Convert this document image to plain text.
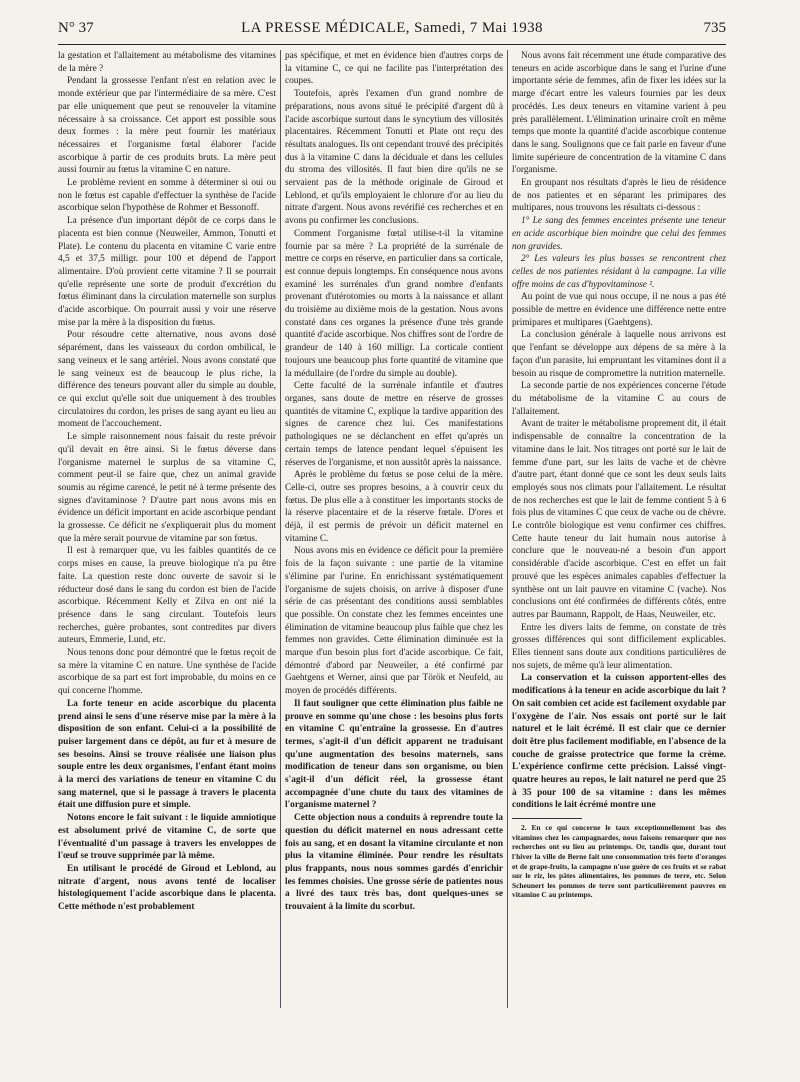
N° 37	LA PRESSE MÉDICALE, Samedi, 7 Mai 1938	735

la gestation et l'allaitement au métabolisme des vitamines de la mère ?

Pendant la grossesse l'enfant n'est en relation avec le monde extérieur que par l'intermédiaire de sa mère. C'est par elle uniquement que peut se renouveler la vitamine nécessaire à sa croissance. Cet apport est possible sous deux formes : la mère peut fournir les matériaux nécessaires et l'organisme fœtal élaborer l'acide ascorbique à partir de ces produits bruts. La mère peut aussi fournir au fœtus la vitamine C en nature.

Le problème revient en somme à déterminer si oui ou non le fœtus est capable d'effectuer la synthèse de l'acide ascorbique selon l'hypothèse de Rohmer et Bessonoff.

La présence d'un important dépôt de ce corps dans le placenta est bien connue (Neuweiler, Ammon, Tonutti et Plate). Le contenu du placenta en vitamine C varie entre 4,5 et 37,5 milligr. pour 100 et dépend de l'apport alimentaire. D'où provient cette vitamine ? Il se pourrait qu'elle représente une sorte de produit d'excrétion du fœtus éliminant dans la circulation maternelle son surplus d'acide ascorbique. On pourrait aussi y voir une réserve mise par la mère à la disposition du fœtus.

Pour résoudre cette alternative, nous avons dosé séparément, dans les vaisseaux du cordon ombilical, le sang veineux et le sang artériel. Nous avons constaté que le sang veineux est de beaucoup le plus riche, la différence des teneurs pouvant aller du simple au double, ce qui exclut qu'elle soit due uniquement à des troubles circulatoires du cordon, les prises de sang ayant eu lieu au moment de l'accouchement.

Le simple raisonnement nous faisait du reste prévoir qu'il devait en être ainsi. Si le fœtus déverse dans l'organisme maternel le surplus de sa vitamine C, comment peut-il se faire que, chez un animal gravide soumis au régime carencé, le petit né à terme présente des signes d'avitaminose ? D'autre part nous avons mis en évidence un déficit important en acide ascorbique pendant la grossesse. Ce déficit ne s'expliquerait plus du moment que la mère serait pourvue de vitamine par son fœtus.

Il est à remarquer que, vu les faibles quantités de ce corps mises en cause, la preuve biologique n'a pu être faite. La question reste donc ouverte de savoir si le réducteur dosé dans le sang du cordon est bien de l'acide ascorbique. Récemment Kelly et Zilva en ont nié la présence dans le sang circulant. Toutefois leurs recherches, guère probantes, sont contredites par divers auteurs, Emmerie, Lund, etc.

Nous tenons donc pour démontré que le fœtus reçoit de sa mère la vitamine C en nature. Une synthèse de l'acide ascorbique de sa part est fort improbable, du moins en ce qui concerne l'homme.

La forte teneur en acide ascorbique du placenta prend ainsi le sens d'une réserve mise par la mère à la disposition de son enfant. Celui-ci a la possibilité de puiser largement dans ce dépôt, au fur et à mesure de ses besoins. Ainsi se trouve réalisée une liaison plus souple entre les deux organismes, l'enfant étant moins à la merci des variations de teneur en vitamine C du sang maternel, que si le passage à travers le placenta était une diffusion pure et simple.

Notons encore le fait suivant : le liquide amniotique est absolument privé de vitamine C, de sorte que l'éventualité d'un passage à travers les enveloppes de l'œuf se trouve supprimée par là même.

En utilisant le procédé de Giroud et Leblond, au nitrate d'argent, nous avons tenté de localiser histologiquement l'acide ascorbique dans le placenta. Cette méthode n'est probablement

pas spécifique, et met en évidence bien d'autres corps de la vitamine C, ce qui ne facilite pas l'interprétation des coupes.

Toutefois, après l'examen d'un grand nombre de préparations, nous avons situé le précipité d'argent dû à l'acide ascorbique surtout dans le syncytium des villosités placentaires. Récemment Tonutti et Plate ont reçu des résultats analogues. Ils ont cependant trouvé des précipités dus à la vitamine C dans la déciduale et dans les cellules du stroma des villosités. Il faut bien dire qu'ils ne se servaient pas de la méthode originale de Giroud et Leblond, et qu'ils employaient le chlorure d'or au lieu du nitrate d'argent. Nous avons revérifié ces recherches et en avons pu confirmer les conclusions.

Comment l'organisme fœtal utilise-t-il la vitamine fournie par sa mère ? La propriété de la surrénale de mettre ce corps en réserve, en particulier dans sa corticale, est connue depuis longtemps. En conséquence nous avons examiné les surrénales d'un grand nombre d'enfants provenant d'utérotomies ou morts à la naissance et allant du troisième au dixième mois de la gestation. Nous avons constaté dans ces organes la présence d'une très grande quantité d'acide ascorbique. Nos chiffres sont de l'ordre de grandeur de 140 à 160 milligr. La corticale contient toujours une beaucoup plus forte quantité de vitamine que la médullaire (de l'ordre du simple au double).

Cette faculté de la surrénale infantile et d'autres organes, sans doute de mettre en réserve de grosses quantités de vitamine C, explique la tardive apparition des signes de carence chez lui. Ces manifestations pathologiques ne se déclanchent en effet qu'après un certain temps de latence pendant lequel s'épuisent les réserves de l'organisme, et non aussitôt après la naissance.

Après le problème du fœtus se pose celui de la mère. Celle-ci, outre ses propres besoins, a à couvrir ceux du fœtus. De plus elle a à constituer les importants stocks de la réserve placentaire et de la réserve fœtale. D'ores et déjà, il est permis de prévoir un déficit maternel en vitamine C.

Nous avons mis en évidence ce déficit pour la première fois de la façon suivante : une partie de la vitamine s'élimine par l'urine. En enrichissant systématiquement l'organisme de sujets choisis, on arrive à disposer d'une série de cas présentant des conditions aussi semblables que possible. On constate chez les femmes enceintes une élimination de vitamine beaucoup plus faible que chez les femmes non gravides. Cette élimination diminuée est la marque d'un besoin plus fort d'acide ascorbique. Ce fait, démontré d'abord par Neuweiler, a été confirmé par Gaehtgens et Werner, ainsi que par Török et Neufeld, au moyen de procédés différents.

Il faut souligner que cette élimination plus faible ne prouve en somme qu'une chose : les besoins plus forts en vitamine C qu'entraîne la grossesse. En d'autres termes, s'agit-il d'un déficit apparent ne traduisant qu'une augmentation des besoins maternels, sans modification de teneur dans son organisme, ou bien s'agit-il d'un déficit réel, la grossesse étant accompagnée d'une chute du taux des vitamines de l'organisme maternel ?

Cette objection nous a conduits à reprendre toute la question du déficit maternel en nous adressant cette fois au sang, et en dosant la vitamine circulante et non plus la vitamine éliminée. Pour rendre les résultats plus frappants, nous nous sommes gardés d'enrichir les femmes choisies. Une grosse série de patientes nous a livré des taux très bas, dont quelques-unes se trouvaient à la limite du scorbut.

Nous avons fait récemment une étude comparative des teneurs en acide ascorbique dans le sang et l'urine d'une importante série de femmes, afin de fixer les idées sur la marge d'écart entre les valeurs fournies par les deux procédés. Les deux teneurs en vitamine varient à peu près parallèlement. L'élimination urinaire croît en même temps que monte la quantité d'acide ascorbique contenue dans le sang. Soulignons que ce fait parle en faveur d'une limite supérieure de concentration de la vitamine C dans l'organisme.

En groupant nos résultats d'après le lieu de résidence de nos patientes et en séparant les primipares des multipares, nous trouvons les résultats ci-dessous :

1° Le sang des femmes enceintes présente une teneur en acide ascorbique bien moindre que celui des femmes non gravides.

2° Les valeurs les plus basses se rencontrent chez celles de nos patientes résidant à la campagne. La ville offre moins de cas d'hypovitaminose ².

Au point de vue qui nous occupe, il ne nous a pas été possible de mettre en évidence une différence nette entre primipares et multipares (Gaehtgens).

La conclusion générale à laquelle nous arrivons est que l'enfant se développe aux dépens de sa mère à la façon d'un parasite, lui empruntant les vitamines dont il a besoin au risque de compromettre la nutrition maternelle.

La seconde partie de nos expériences concerne l'étude du métabolisme de la vitamine C au cours de l'allaitement.

Avant de traiter le métabolisme proprement dit, il était indispensable de connaître la concentration de la vitamine dans le lait. Nos titrages ont porté sur le lait de femme d'une part, sur les laits de vache et de chèvre d'autre part, étant donné que ce sont les deux seuls laits employés sous nos climats pour l'allaitement. Le résultat de nos recherches est que le lait de femme contient 5 à 6 fois plus de vitamines C que ceux de vache ou de chèvre. Le contrôle biologique est venu confirmer ces chiffres. Cette haute teneur du lait humain nous autorise à conclure que le nouveau-né a besoin d'un apport considérable d'acide ascorbique. C'est en effet un fait prouvé que les espèces animales capables d'effectuer la synthèse ont un lait pauvre en vitamine C (vache). Nos conclusions ont été confirmées de différents côtés, entre autres par Baumann, Rappolt, de Haas, Neuweiler, etc.

Entre les divers laits de femme, on constate de très grosses différences qui sont difficilement explicables. Elles tiennent sans doute aux conditions particulières de nos sujets, de même qu'à leur alimentation.

La conservation et la cuisson apportent-elles des modifications à la teneur en acide ascorbique du lait ? On sait combien cet acide est facilement oxydable par l'oxygène de l'air. Nos essais ont porté sur le lait naturel et le lait écrémé. Il est clair que ce dernier doit être plus facilement modifiable, en l'absence de la couche de graisse protectrice que forme la crème. L'expérience confirme cette précision. Laissé vingt-quatre heures au repos, le lait naturel ne perd que 25 à 35 pour 100 de sa vitamine : dans les mêmes conditions le lait écrémé montre une

2. En ce qui concerne le taux exceptionnellement bas des vitamines chez les campagnardes, nous faisons remarquer que nos recherches ont eu lieu au printemps. Or, tandis que, durant tout l'hiver la ville de Berne fait une consommation très forte d'oranges et de grape-fruits, la campagne n'use guère de ces fruits et se rabat sur le riz, les pâtes alimentaires, les pommes de terre, etc. Selon Scheunert les pommes de terre sont particulièrement pauvres en vitamine C au printemps.
